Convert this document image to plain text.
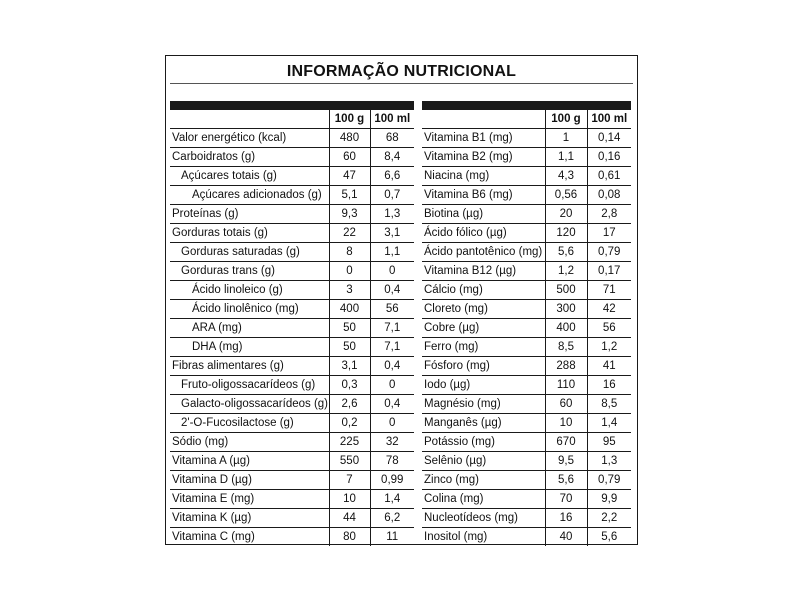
INFORMAÇÃO NUTRICIONAL
	100 g	100 ml
Valor energético (kcal)	480	68
Carboidratos (g)	60	8,4
Açúcares totais (g)	47	6,6
Açúcares adicionados (g)	5,1	0,7
Proteínas (g)	9,3	1,3
Gorduras totais (g)	22	3,1
Gorduras saturadas (g)	8	1,1
Gorduras trans (g)	0	0
Ácido linoleico (g)	3	0,4
Ácido linolênico (mg)	400	56
ARA (mg)	50	7,1
DHA (mg)	50	7,1
Fibras alimentares (g)	3,1	0,4
Fruto-oligossacarídeos (g)	0,3	0
Galacto-oligossacarídeos (g)	2,6	0,4
2'-O-Fucosilactose (g)	0,2	0
Sódio (mg)	225	32
Vitamina A (µg)	550	78
Vitamina D (µg)	7	0,99
Vitamina E (mg)	10	1,4
Vitamina K (µg)	44	6,2
Vitamina C (mg)	80	11
	100 g	100 ml
Vitamina B1 (mg)	1	0,14
Vitamina B2 (mg)	1,1	0,16
Niacina (mg)	4,3	0,61
Vitamina B6 (mg)	0,56	0,08
Biotina (µg)	20	2,8
Ácido fólico (µg)	120	17
Ácido pantotênico (mg)	5,6	0,79
Vitamina B12 (µg)	1,2	0,17
Cálcio (mg)	500	71
Cloreto (mg)	300	42
Cobre (µg)	400	56
Ferro (mg)	8,5	1,2
Fósforo (mg)	288	41
Iodo (µg)	110	16
Magnésio (mg)	60	8,5
Manganês (µg)	10	1,4
Potássio (mg)	670	95
Selênio (µg)	9,5	1,3
Zinco (mg)	5,6	0,79
Colina (mg)	70	9,9
Nucleotídeos (mg)	16	2,2
Inositol (mg)	40	5,6
